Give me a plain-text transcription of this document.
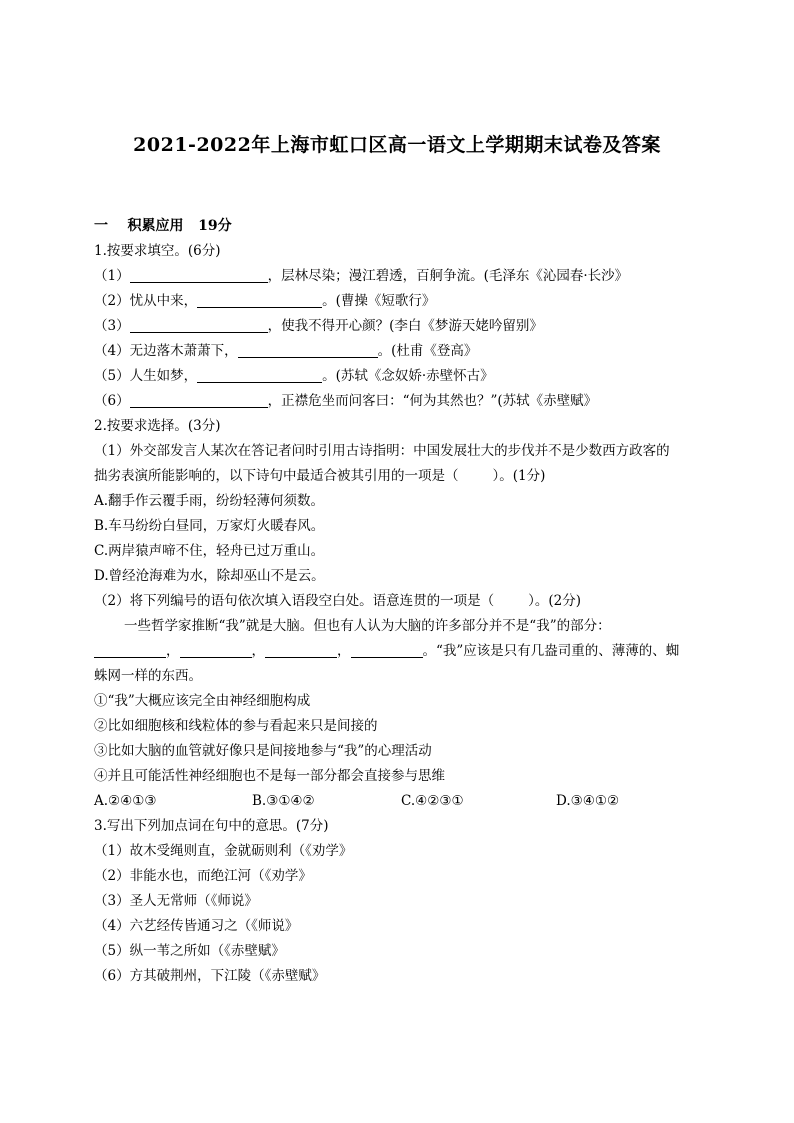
2021-2022年上海市虹口区高一语文上学期期末试卷及答案
一 积累应用 19分
1.按要求填空。(6分)
（1）	，层林尽染；漫江碧透，百舸争流。(毛泽东《沁园春·长沙》
（2）忧从中来，	。(曹操《短歌行》
（3）	，使我不得开心颜？(李白《梦游天姥吟留别》
（4）无边落木萧萧下，	。(杜甫《登高》
（5）人生如梦，	。(苏轼《念奴娇·赤壁怀古》
（6）	，正襟危坐而问客曰：“何为其然也？”(苏轼《赤壁赋》
2.按要求选择。(3分)
（1）外交部发言人某次在答记者问时引用古诗指明：中国发展壮大的步伐并不是少数西方政客的
拙劣表演所能影响的，以下诗句中最适合被其引用的一项是（	）。(1分)
A.翻手作云覆手雨，纷纷轻薄何须数。
B.车马纷纷白昼同，万家灯火暖春风。
C.两岸猿声啼不住，轻舟已过万重山。
D.曾经沧海难为水，除却巫山不是云。
（2）将下列编号的语句依次填入语段空白处。语意连贯的一项是（	）。(2分)
一些哲学家推断“我”就是大脑。但也有人认为大脑的许多部分并不是“我”的部分：
，	，	，	。“我”应该是只有几盎司重的、薄薄的、蜘
蛛网一样的东西。
①“我”大概应该完全由神经细胞构成
②比如细胞核和线粒体的参与看起来只是间接的
③比如大脑的血管就好像只是间接地参与“我”的心理活动
④并且可能活性神经细胞也不是每一部分都会直接参与思维
A.②④①③	B.③①④②	C.④②③①	D.③④①②
3.写出下列加点词在句中的意思。(7分)
（1）故木受绳则直，金就砺则利（《劝学》
（2）非能水也，而绝江河（《劝学》
（3）圣人无常师（《师说》
（4）六艺经传皆通习之（《师说》
（5）纵一苇之所如（《赤壁赋》
（6）方其破荆州，下江陵（《赤壁赋》
